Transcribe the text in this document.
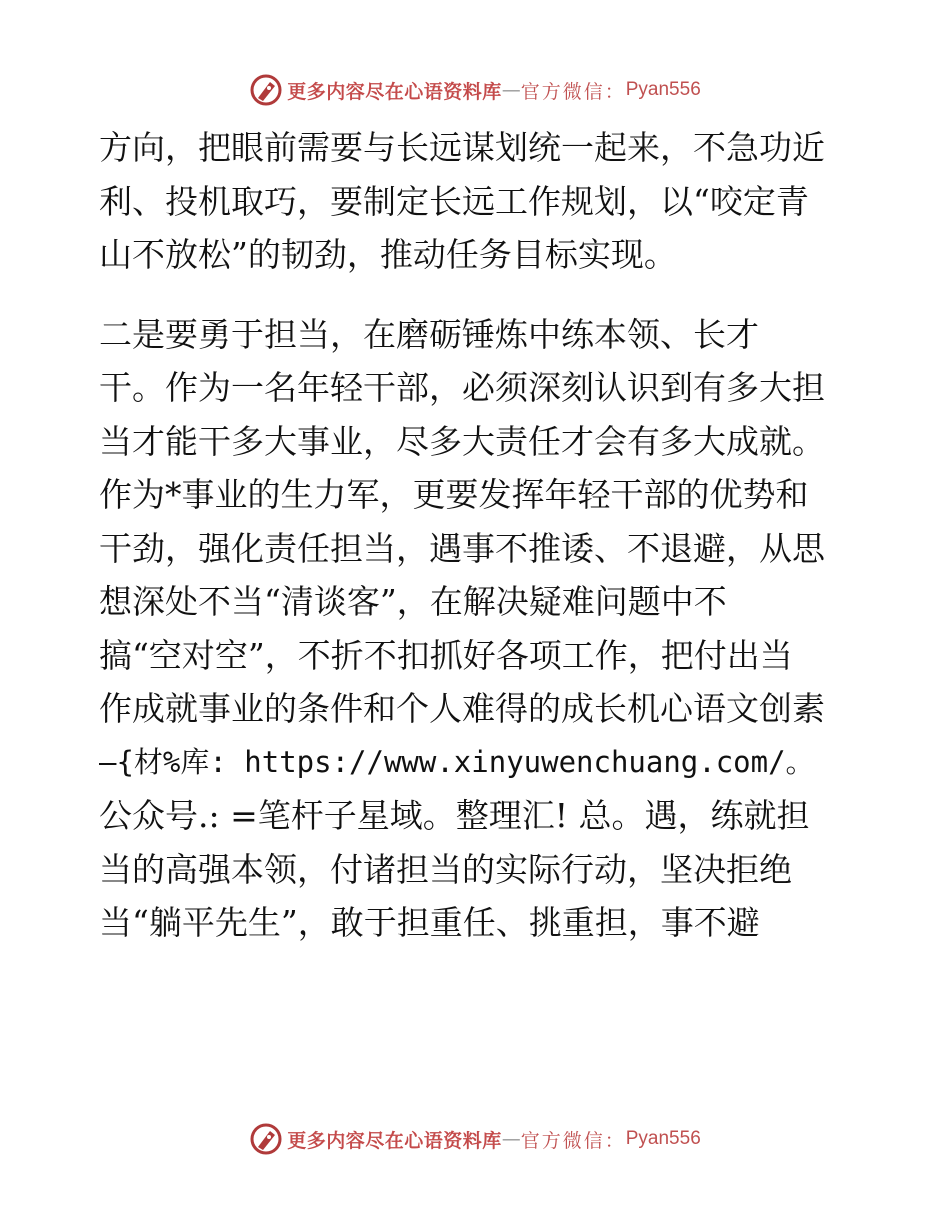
更多内容尽在心语资料库 — 官方微信： Pyan556
方向，把眼前需要与长远谋划统一起来，不急功近
利、投机取巧，要制定长远工作规划，以“咬定青
山不放松”的韧劲，推动任务目标实现。
二是要勇于担当，在磨砺锤炼中练本领、长才
干。作为一名年轻干部，必须深刻认识到有多大担
当才能干多大事业，尽多大责任才会有多大成就。
作为*事业的生力军，更要发挥年轻干部的优势和
干劲，强化责任担当，遇事不推诿、不退避，从思
想深处不当“清谈客”，在解决疑难问题中不
搞“空对空”，不折不扣抓好各项工作，把付出当
作成就事业的条件和个人难得的成长机心语文创素
—{材%库: https://www.xinyuwenchuang.com/。
公众号.: =笔杆子星域。整理汇! 总。遇，练就担
当的高强本领，付诸担当的实际行动，坚决拒绝
当“躺平先生”，敢于担重任、挑重担，事不避
更多内容尽在心语资料库 — 官方微信： Pyan556
